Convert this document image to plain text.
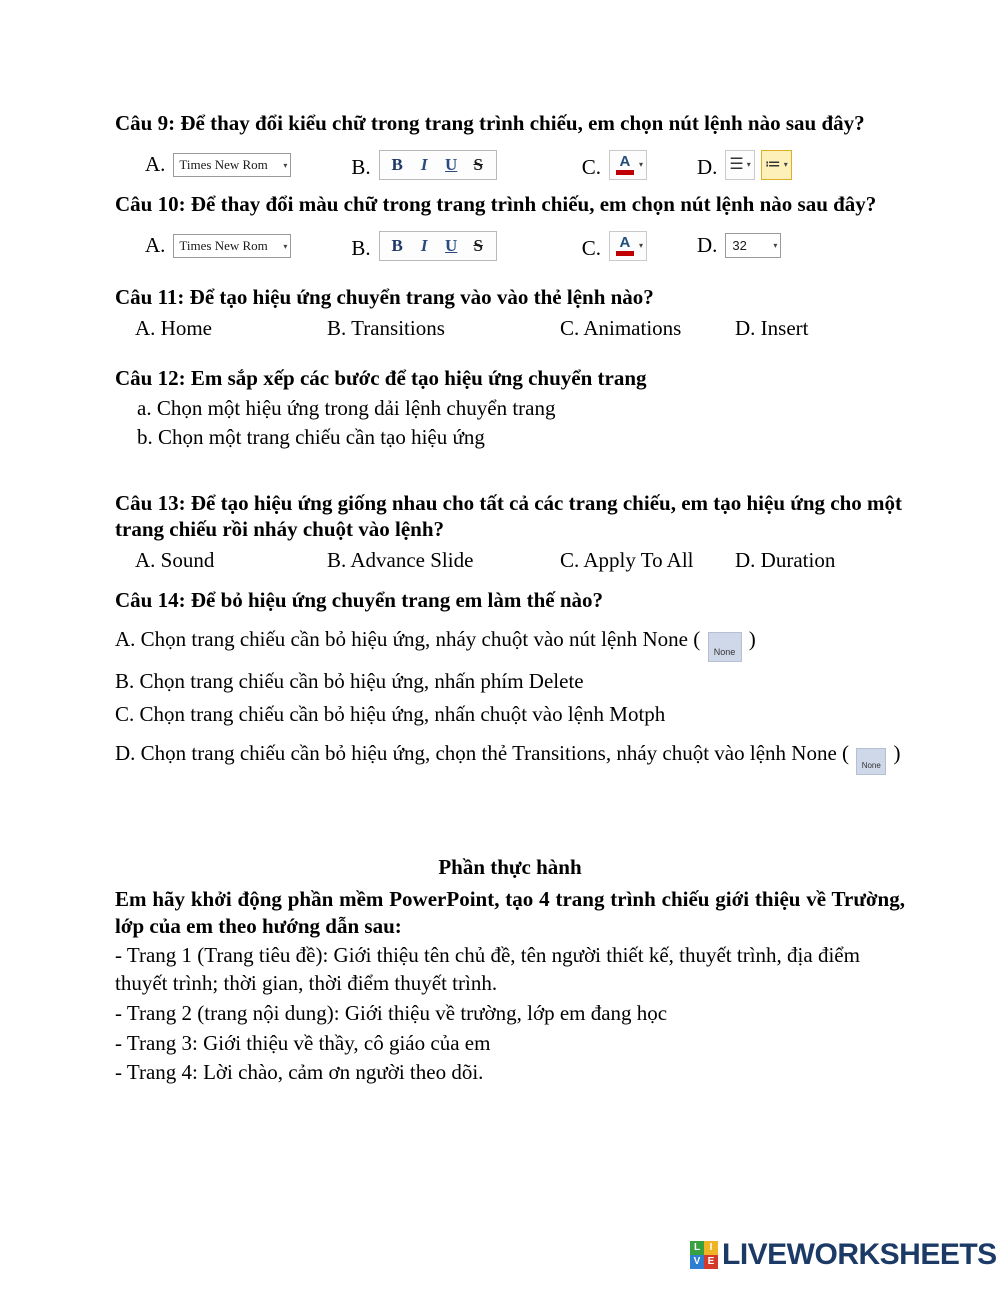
Câu 9: Để thay đổi kiểu chữ trong trang trình chiếu, em chọn nút lệnh nào sau đây?
A. Times New Rom ▾	B.	B	I	U S	C. A ▾	D. ☰ ▾ ≔ ▾
Câu 10: Để thay đổi màu chữ trong trang trình chiếu, em chọn nút lệnh nào sau đây?
A. Times New Rom ▾	B.	B	I	U S	C. A ▾	D. 32	▾
Câu 11: Để tạo hiệu ứng chuyển trang vào vào thẻ lệnh nào?
A. Home	B. Transitions	C. Animations	D. Insert
Câu 12: Em sắp xếp các bước để tạo hiệu ứng chuyển trang
a. Chọn một hiệu ứng trong dải lệnh chuyển trang
b. Chọn một trang chiếu cần tạo hiệu ứng
Câu 13: Để tạo hiệu ứng giống nhau cho tất cả các trang chiếu, em tạo hiệu ứng cho một trang chiếu rồi nháy chuột vào lệnh?
A. Sound	B. Advance Slide	C. Apply To All	D. Duration
Câu 14: Để bỏ hiệu ứng chuyển trang em làm thế nào?
A. Chọn trang chiếu cần bỏ hiệu ứng, nháy chuột vào nút lệnh None (
None
)
B. Chọn trang chiếu cần bỏ hiệu ứng, nhấn phím Delete
C. Chọn trang chiếu cần bỏ hiệu ứng, nhấn chuột vào lệnh Motph
D. Chọn trang chiếu cần bỏ hiệu ứng, chọn thẻ Transitions, nháy chuột vào lệnh None (
None
)
Phần thực hành
Em hãy khởi động phần mềm PowerPoint, tạo 4 trang trình chiếu giới thiệu về Trường, lớp của em theo hướng dẫn sau:
- Trang 1 (Trang tiêu đề): Giới thiệu tên chủ đề, tên người thiết kế, thuyết trình, địa điểm thuyết trình; thời gian, thời điểm thuyết trình.
- Trang 2 (trang nội dung): Giới thiệu về trường, lớp em đang học
- Trang 3: Giới thiệu về thầy, cô giáo của em
- Trang 4: Lời chào, cảm ơn người theo dõi.
L I
V E LIVEWORKSHEETS
